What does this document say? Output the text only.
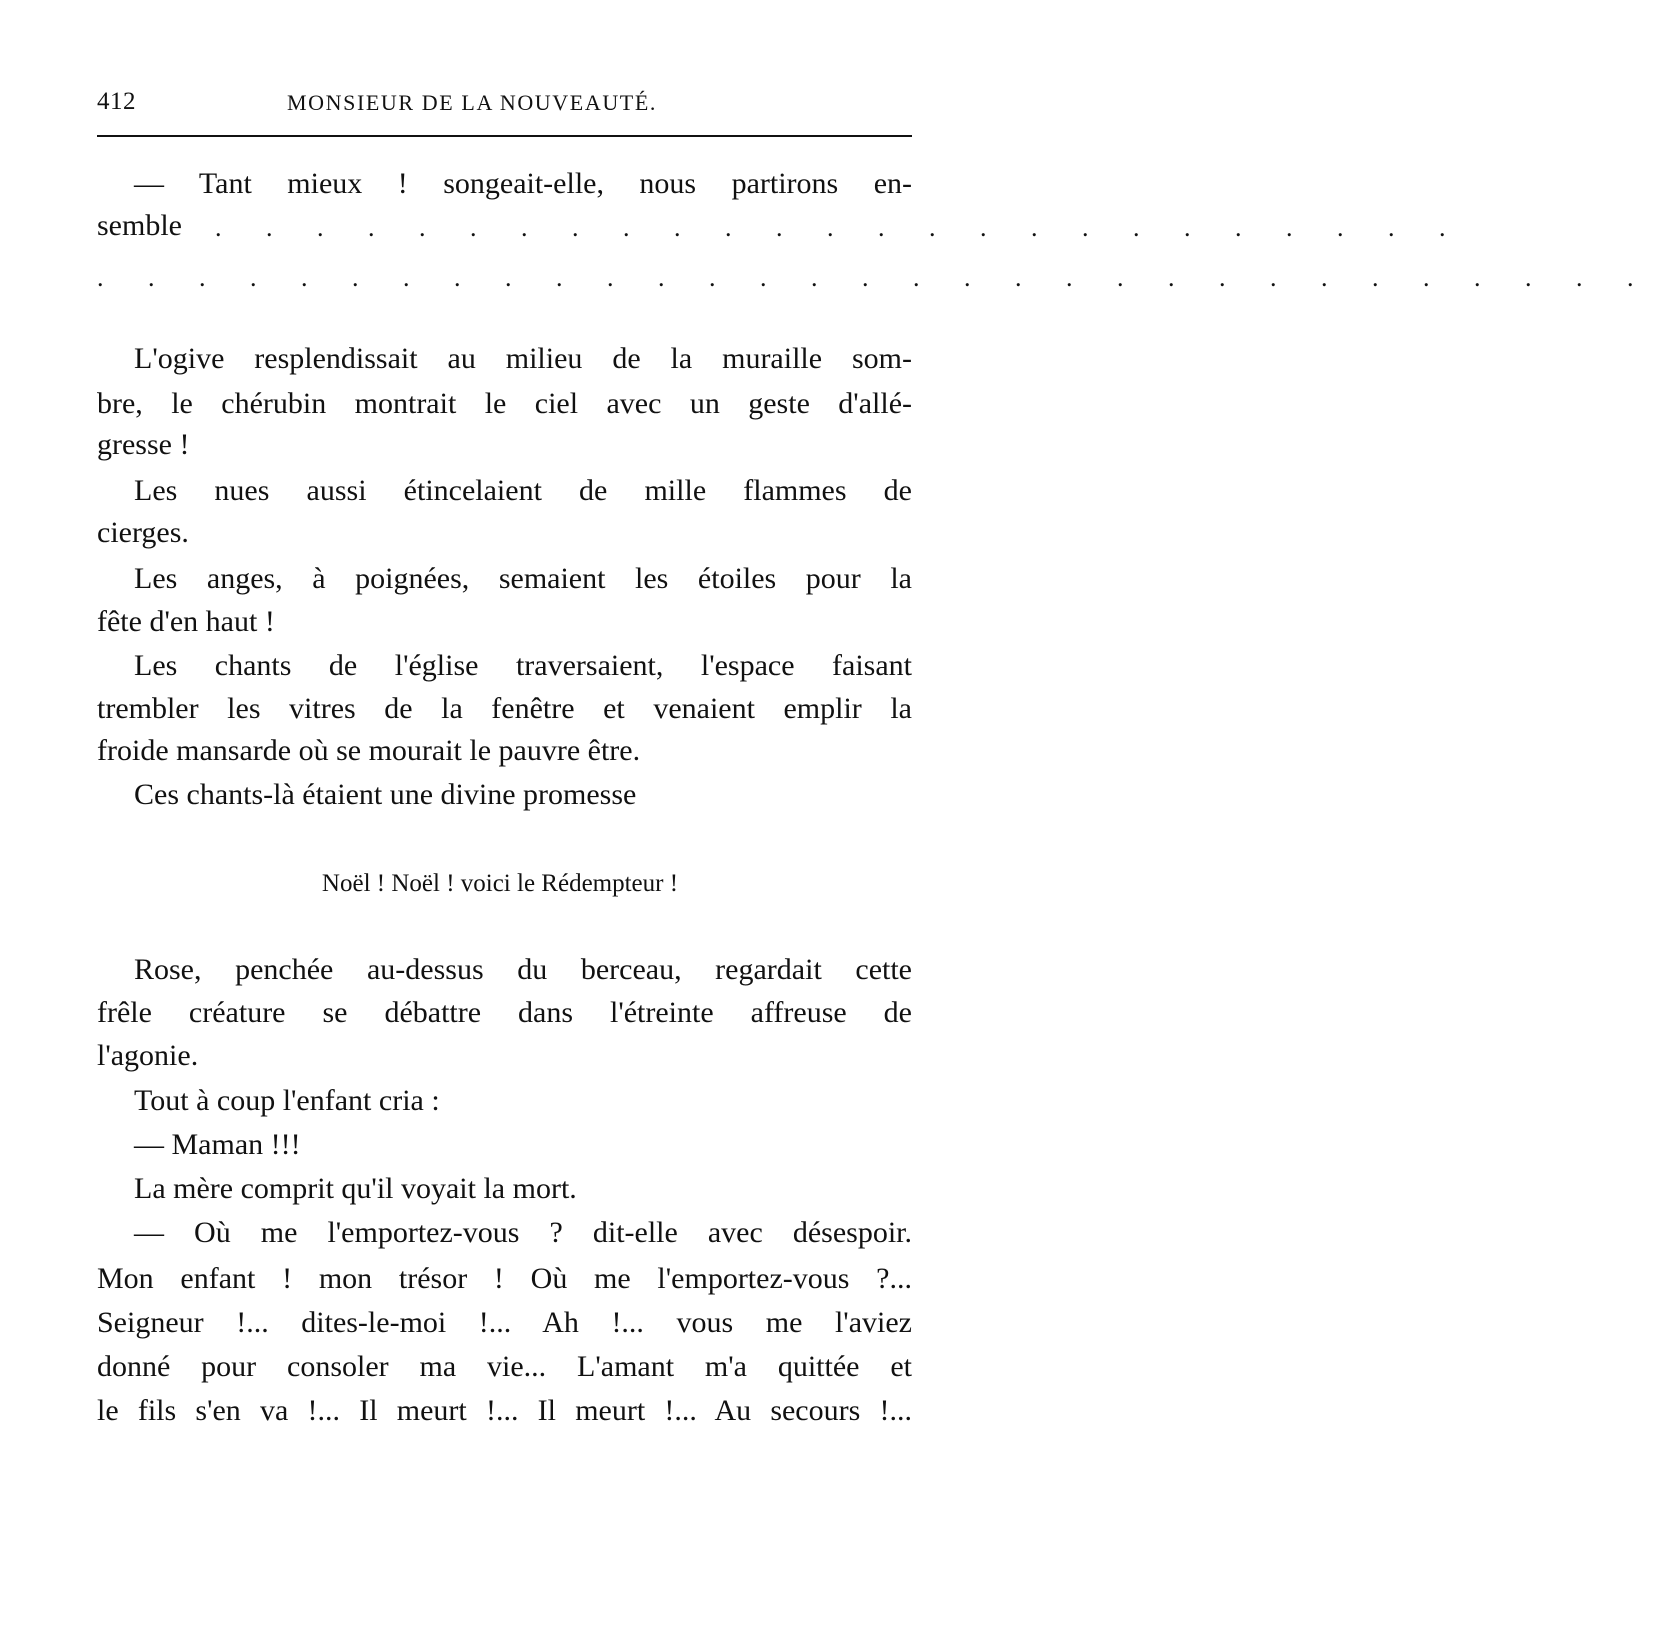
412	MONSIEUR DE LA NOUVEAUTÉ.
— Tant mieux ! songeait-elle, nous partirons en-
semble	. . . . . . . . . . . . . . . . . . . . . . . . .
. . . . . . . . . . . . . . . . . . . . . . . . . . . . . . .
L'ogive resplendissait au milieu de la muraille som-
bre, le chérubin montrait le ciel avec un geste d'allé-
gresse !
Les nues aussi étincelaient de mille flammes de
cierges.
Les anges, à poignées, semaient les étoiles pour la
fête d'en haut !
Les chants de l'église traversaient, l'espace faisant
trembler les vitres de la fenêtre et venaient emplir la
froide mansarde où se mourait le pauvre être.
Ces chants-là étaient une divine promesse
Noël ! Noël ! voici le Rédempteur !
Rose, penchée au-dessus du berceau, regardait cette
frêle créature se débattre dans l'étreinte affreuse de
l'agonie.
Tout à coup l'enfant cria :
— Maman !!!
La mère comprit qu'il voyait la mort.
— Où me l'emportez-vous ? dit-elle avec désespoir.
Mon enfant ! mon trésor ! Où me l'emportez-vous ?...
Seigneur !... dites-le-moi !... Ah !... vous me l'aviez
donné pour consoler ma vie... L'amant m'a quittée et
le fils s'en va !... Il meurt !... Il meurt !... Au secours !...
